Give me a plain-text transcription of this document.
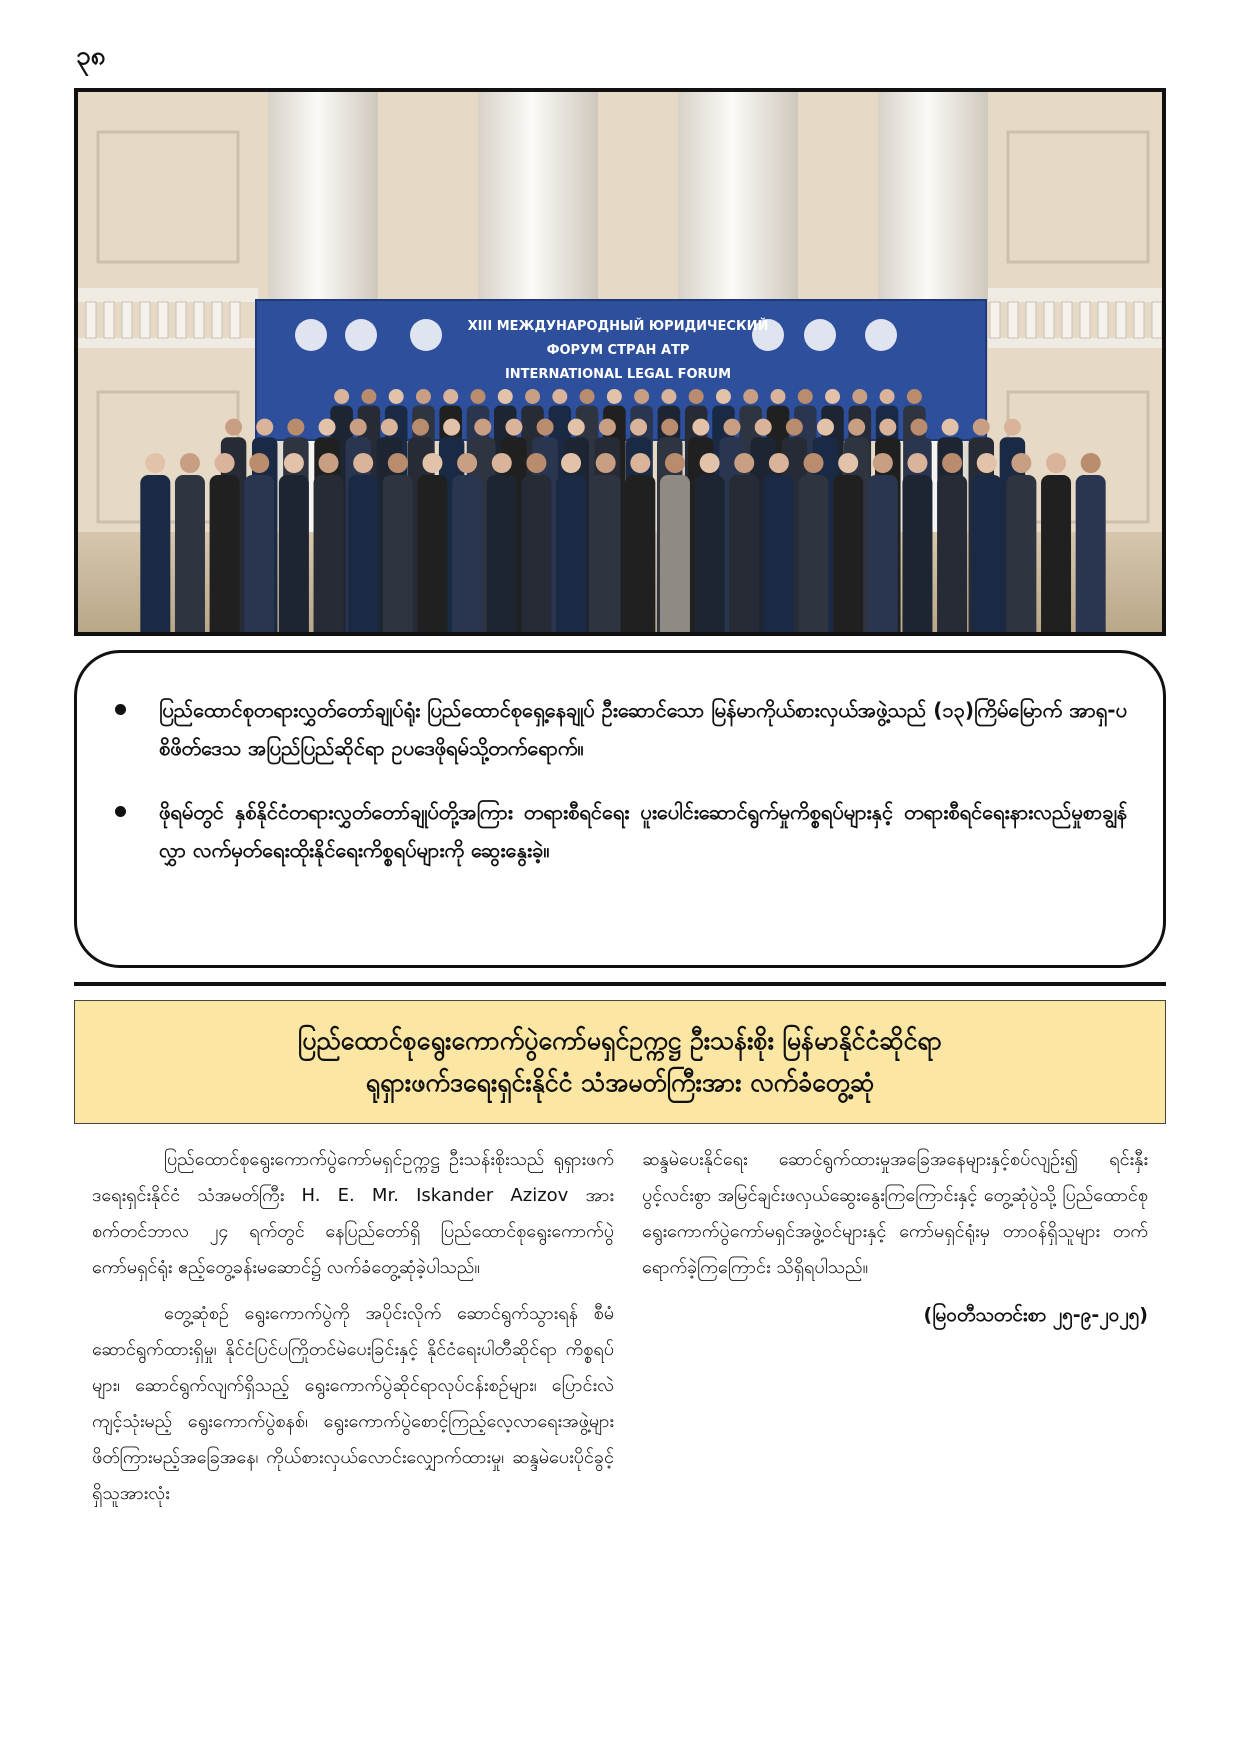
၃၈
XIII МЕЖДУНАРОДНЫЙ ЮРИДИЧЕСКИЙ
ФОРУМ СТРАН АТР
INTERNATIONAL LEGAL FORUM
ပြည်ထောင်စုတရားလွှတ်တော်ချုပ်ရုံး ပြည်ထောင်စုရှေ့နေချုပ် ဦးဆောင်သော မြန်မာကိုယ်စားလှယ်အဖွဲ့သည် (၁၃)ကြိမ်မြောက် အာရှ-ပစိဖိတ်ဒေသ အပြည်ပြည်ဆိုင်ရာ ဥပဒေဖိုရမ်သို့တက်ရောက်။
ဖိုရမ်တွင် နှစ်နိုင်ငံတရားလွှတ်တော်ချုပ်တို့အကြား တရားစီရင်ရေး ပူးပေါင်းဆောင်ရွက်မှုကိစ္စရပ်များနှင့် တရားစီရင်ရေးနားလည်မှုစာချွန်လွှာ လက်မှတ်ရေးထိုးနိုင်ရေးကိစ္စရပ်များကို ဆွေးနွေးခဲ့။
ပြည်ထောင်စုရွေးကောက်ပွဲကော်မရှင်ဥက္ကဋ္ဌ ဦးသန်းစိုး မြန်မာနိုင်ငံဆိုင်ရာ
ရုရှားဖက်ဒရေးရှင်းနိုင်ငံ သံအမတ်ကြီးအား လက်ခံတွေ့ဆုံ

ပြည်ထောင်စုရွေးကောက်ပွဲကော်မရှင်ဥက္ကဋ္ဌ ဦးသန်းစိုးသည် ရုရှားဖက်ဒရေးရှင်းနိုင်ငံ သံအမတ်ကြီး H. E. Mr. Iskander Azizov အား စက်တင်ဘာလ ၂၄ ရက်တွင် နေပြည်တော်ရှိ ပြည်ထောင်စုရွေးကောက်ပွဲကော်မရှင်ရုံး ဧည့်တွေ့ခန်းမဆောင်၌ လက်ခံတွေ့ဆုံခဲ့ပါသည်။

တွေ့ဆုံစဉ် ရွေးကောက်ပွဲကို အပိုင်းလိုက် ဆောင်ရွက်သွားရန် စီမံဆောင်ရွက်ထားရှိမှု၊ နိုင်ငံပြင်ပကြိုတင်မဲပေးခြင်းနှင့် နိုင်ငံရေးပါတီဆိုင်ရာ ကိစ္စရပ်များ၊ ဆောင်ရွက်လျက်ရှိသည့် ရွေးကောက်ပွဲဆိုင်ရာလုပ်ငန်းစဉ်များ၊ ပြောင်းလဲကျင့်သုံးမည့် ရွေးကောက်ပွဲစနစ်၊ ရွေးကောက်ပွဲစောင့်ကြည့်လေ့လာရေးအဖွဲ့များ ဖိတ်ကြားမည့်အခြေအနေ၊ ကိုယ်စားလှယ်လောင်းလျှောက်ထားမှု၊ ဆန္ဒမဲပေးပိုင်ခွင့်ရှိသူအားလုံး

ဆန္ဒမဲပေးနိုင်ရေး ဆောင်ရွက်ထားမှုအခြေအနေများနှင့်စပ်လျဉ်း၍ ရင်းနှီးပွင့်လင်းစွာ အမြင်ချင်းဖလှယ်ဆွေးနွေးကြကြောင်းနှင့် တွေ့ဆုံပွဲသို့ ပြည်ထောင်စုရွေးကောက်ပွဲကော်မရှင်အဖွဲ့ဝင်များနှင့် ကော်မရှင်ရုံးမှ တာဝန်ရှိသူများ တက်ရောက်ခဲ့ကြကြောင်း သိရှိရပါသည်။

(မြဝတီသတင်းစာ ၂၅-၉-၂၀၂၅)
